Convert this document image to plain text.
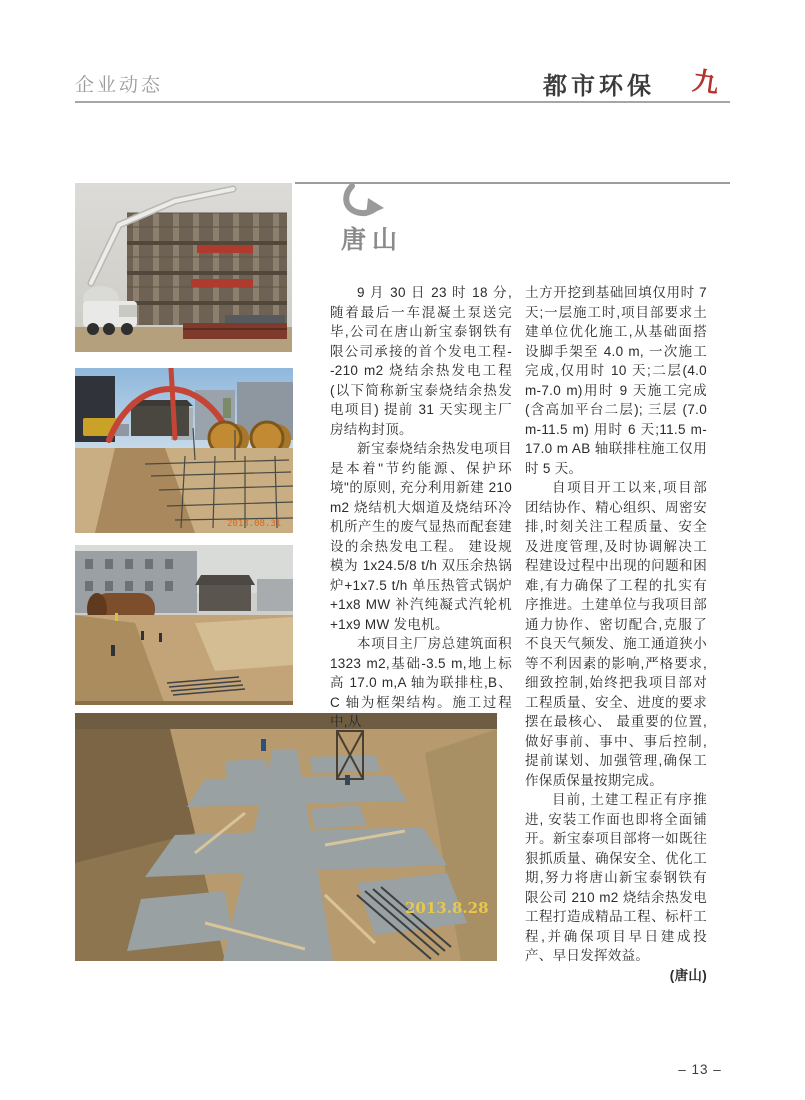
企业动态	都市环保	九
唐山
2013.08.31
2013.8.28

9 月 30 日 23 时 18 分,随着最后一车混凝土泵送完毕,公司在唐山新宝泰钢铁有限公司承接的首个发电工程--210 m2 烧结余热发电工程(以下简称新宝泰烧结余热发电项目) 提前 31 天实现主厂房结构封顶。

新宝泰烧结余热发电项目是本着"节约能源、保护环境"的原则, 充分利用新建 210 m2 烧结机大烟道及烧结环冷机所产生的废气显热而配套建设的余热发电工程。 建设规模为 1x24.5/8 t/h 双压余热锅炉+1x7.5 t/h 单压热管式锅炉+1x8 MW 补汽纯凝式汽轮机+1x9 MW 发电机。

本项目主厂房总建筑面积 1323 m2,基础-3.5 m,地上标高 17.0 m,A 轴为联排柱,B、C 轴为框架结构。施工过程中,从

土方开挖到基础回填仅用时 7 天;一层施工时,项目部要求土建单位优化施工,从基础面搭设脚手架至 4.0 m, 一次施工完成,仅用时 10 天;二层(4.0 m-7.0 m)用时 9 天施工完成(含高加平台二层); 三层 (7.0 m-11.5 m) 用时 6 天;11.5 m-17.0 m AB 轴联排柱施工仅用时 5 天。

自项目开工以来,项目部团结协作、精心组织、周密安排,时刻关注工程质量、安全及进度管理,及时协调解决工程建设过程中出现的问题和困难,有力确保了工程的扎实有序推进。土建单位与我项目部通力协作、密切配合,克服了不良天气频发、施工通道狭小等不利因素的影响,严格要求,细致控制,始终把我项目部对工程质量、安全、进度的要求摆在最核心、 最重要的位置,做好事前、事中、事后控制,提前谋划、加强管理,确保工作保质保量按期完成。

目前, 土建工程正有序推进, 安装工作面也即将全面铺开。新宝泰项目部将一如既往狠抓质量、确保安全、优化工期,努力将唐山新宝泰钢铁有限公司 210 m2 烧结余热发电工程打造成精品工程、标杆工程,并确保项目早日建成投产、早日发挥效益。

(唐山)

– 13 –
